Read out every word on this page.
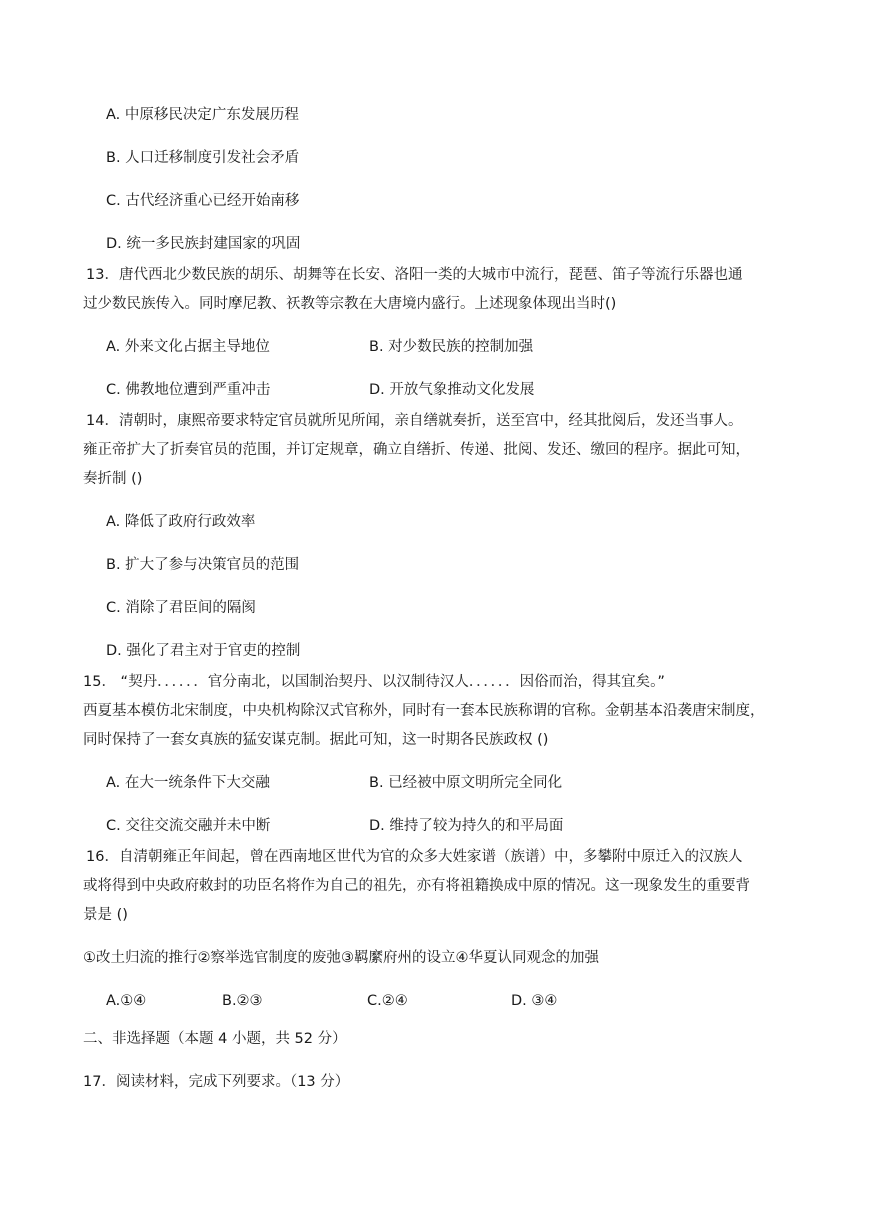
A. 中原移民决定广东发展历程
B. 人口迁移制度引发社会矛盾
C. 古代经济重心已经开始南移
D. 统一多民族封建国家的巩固
13．唐代西北少数民族的胡乐、胡舞等在长安、洛阳一类的大城市中流行，琵琶、笛子等流行乐器也通
过少数民族传入。同时摩尼教、祆教等宗教在大唐境内盛行。上述现象体现出当时()
A. 外来文化占据主导地位	B. 对少数民族的控制加强
C. 佛教地位遭到严重冲击	D. 开放气象推动文化发展
14．清朝时，康熙帝要求特定官员就所见所闻，亲自缮就奏折，送至宫中，经其批阅后，发还当事人。
雍正帝扩大了折奏官员的范围，并订定规章，确立自缮折、传递、批阅、发还、缴回的程序。据此可知，
奏折制 ()
A. 降低了政府行政效率
B. 扩大了参与决策官员的范围
C. 消除了君臣间的隔阂
D. 强化了君主对于官吏的控制
15． “契丹．．．．．．官分南北，以国制治契丹、以汉制待汉人．．．．．．因俗而治，得其宜矣。”
西夏基本模仿北宋制度，中央机构除汉式官称外，同时有一套本民族称谓的官称。金朝基本沿袭唐宋制度，
同时保持了一套女真族的猛安谋克制。据此可知，这一时期各民族政权 ()
A. 在大一统条件下大交融	B. 已经被中原文明所完全同化
C. 交往交流交融并未中断	D. 维持了较为持久的和平局面
16．自清朝雍正年间起，曾在西南地区世代为官的众多大姓家谱（族谱）中，多攀附中原迁入的汉族人
或将得到中央政府敕封的功臣名将作为自己的祖先，亦有将祖籍换成中原的情况。这一现象发生的重要背
景是 ()
①改土归流的推行②察举选官制度的废弛③羁縻府州的设立④华夏认同观念的加强
A.①④	B.②③	C.②④	D. ③④
二、非选择题（本题 4 小题，共 52 分）
17．阅读材料，完成下列要求。（13 分）
